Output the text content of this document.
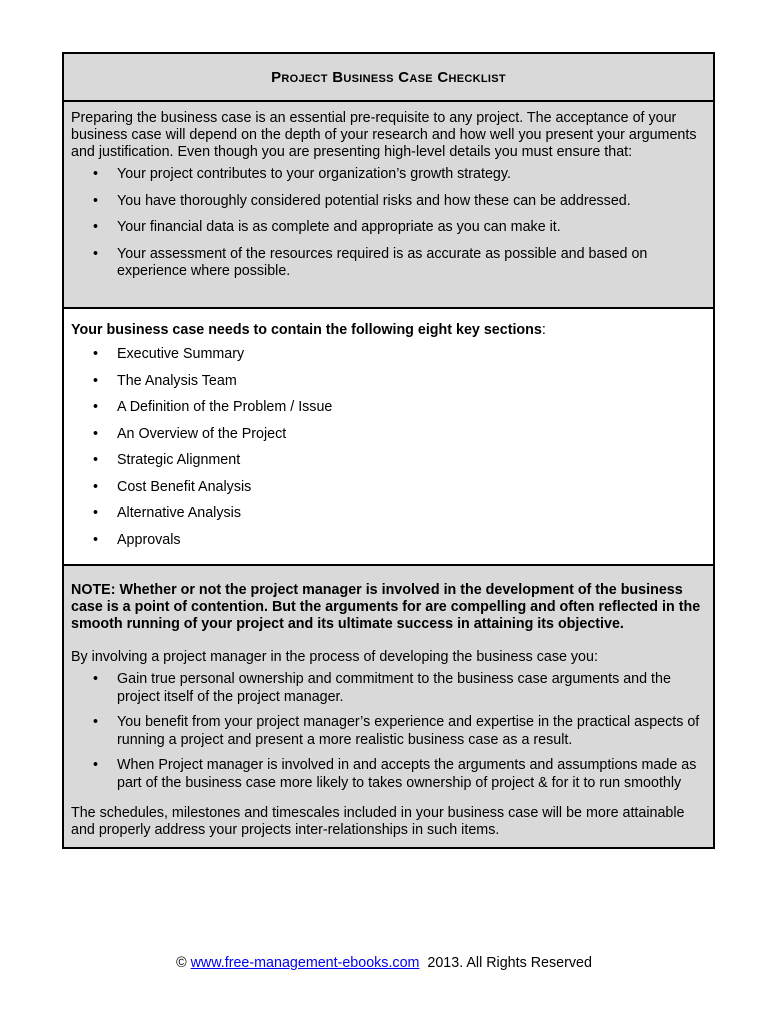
Project Business Case Checklist

Preparing the business case is an essential pre-requisite to any project. The acceptance of your business case will depend on the depth of your research and how well you present your arguments and justification. Even though you are presenting high-level details you must ensure that:

• Your project contributes to your organization’s growth strategy.
• You have thoroughly considered potential risks and how these can be addressed.
• Your financial data is as complete and appropriate as you can make it.
• Your assessment of the resources required is as accurate as possible and based on experience where possible.

Your business case needs to contain the following eight key sections:

• Executive Summary
• The Analysis Team
• A Definition of the Problem / Issue
• An Overview of the Project
• Strategic Alignment
• Cost Benefit Analysis
• Alternative Analysis
• Approvals

NOTE: Whether or not the project manager is involved in the development of the business case is a point of contention. But the arguments for are compelling and often reflected in the smooth running of your project and its ultimate success in attaining its objective.

By involving a project manager in the process of developing the business case you:

• Gain true personal ownership and commitment to the business case arguments and the project itself of the project manager.
• You benefit from your project manager’s experience and expertise in the practical aspects of running a project and present a more realistic business case as a result.
• When Project manager is involved in and accepts the arguments and assumptions made as part of the business case more likely to takes ownership of project & for it to run smoothly

The schedules, milestones and timescales included in your business case will be more attainable and properly address your projects inter-relationships in such items.

© www.free-management-ebooks.com 2013. All Rights Reserved
